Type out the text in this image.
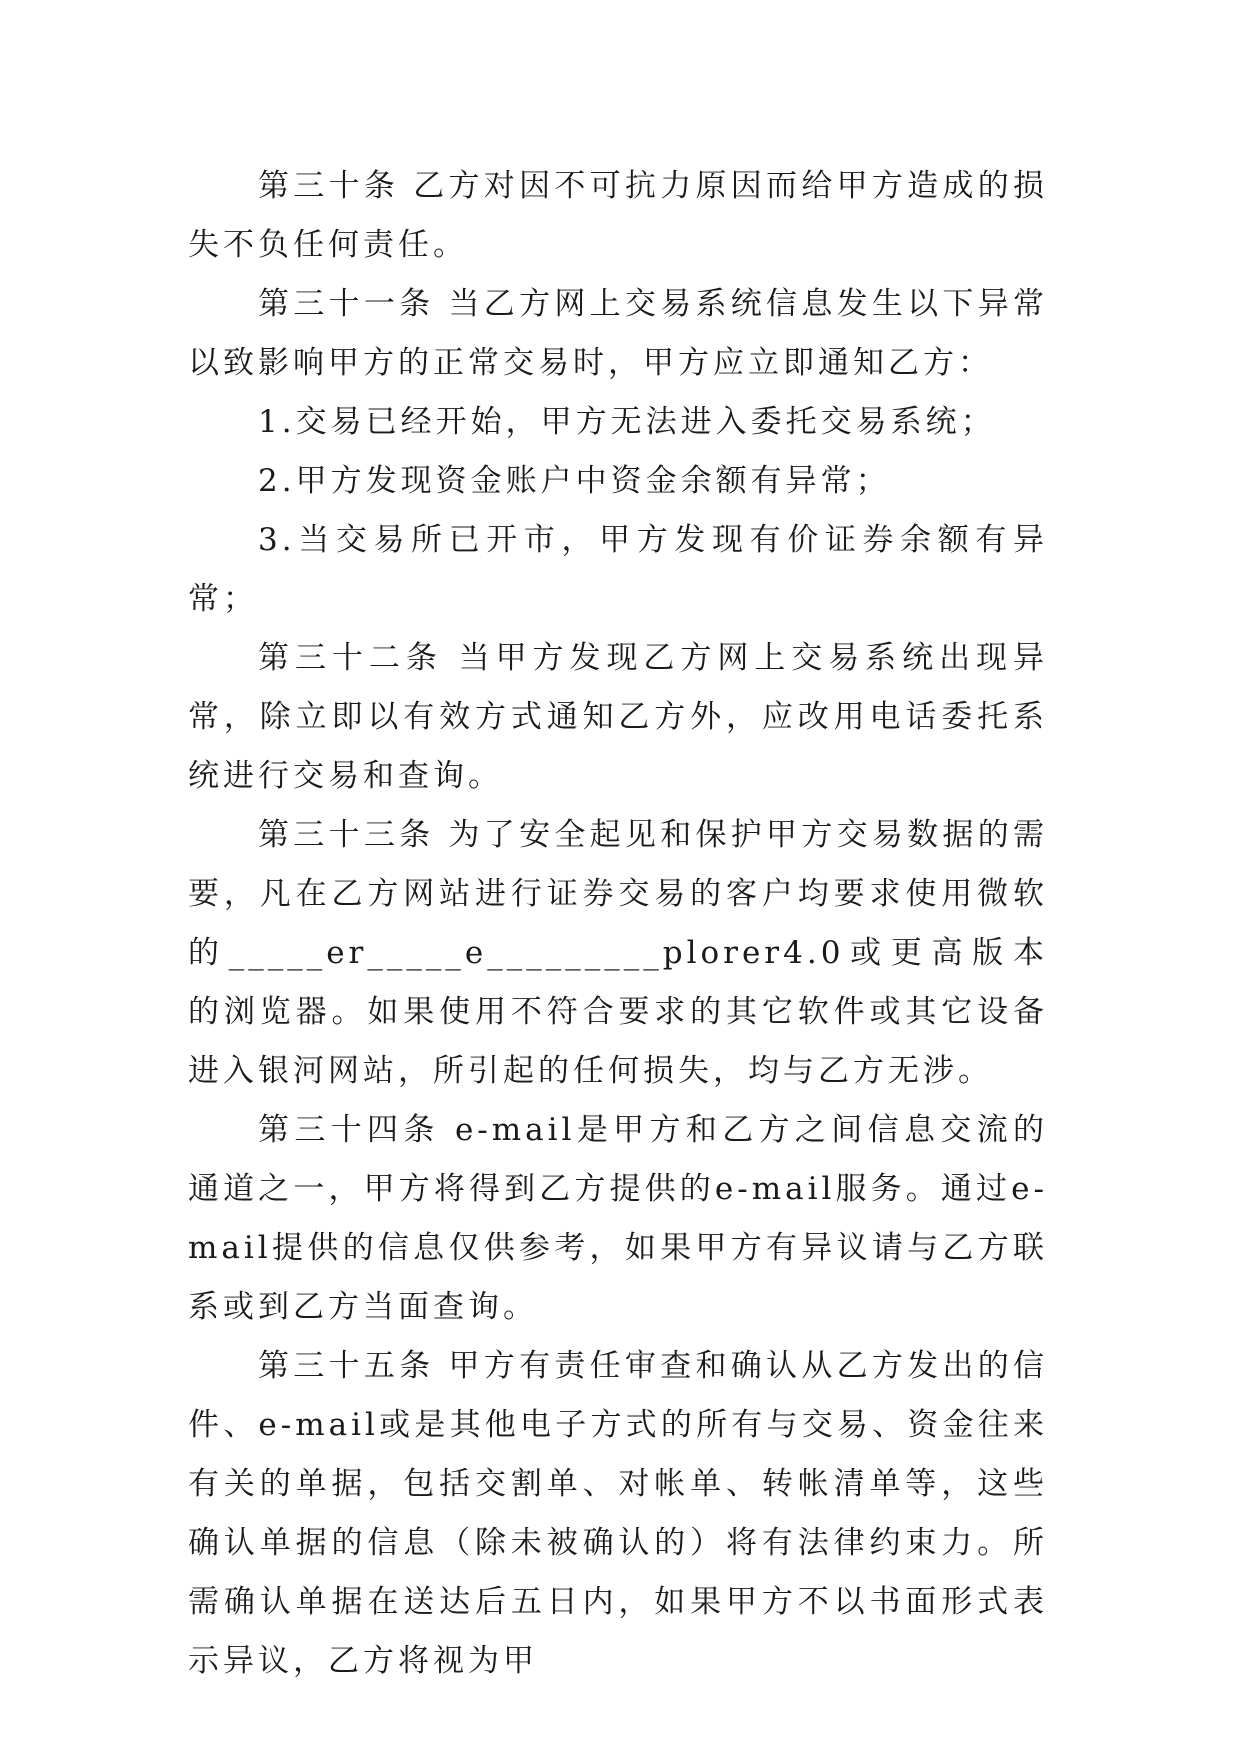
第三十条 乙方对因不可抗力原因而给甲方造成的损失不负任何责任。

第三十一条 当乙方网上交易系统信息发生以下异常以致影响甲方的正常交易时，甲方应立即通知乙方：

1.交易已经开始，甲方无法进入委托交易系统；

2.甲方发现资金账户中资金余额有异常；

3.当交易所已开市，甲方发现有价证券余额有异常；

第三十二条 当甲方发现乙方网上交易系统出现异常，除立即以有效方式通知乙方外，应改用电话委托系统进行交易和查询。

第三十三条 为了安全起见和保护甲方交易数据的需要，凡在乙方网站进行证券交易的客户均要求使用微软的_____er_____e_________plorer4.0或更高版本的浏览器。如果使用不符合要求的其它软件或其它设备进入银河网站，所引起的任何损失，均与乙方无涉。

第三十四条 e-mail是甲方和乙方之间信息交流的通道之一，甲方将得到乙方提供的e-mail服务。通过e-mail提供的信息仅供参考，如果甲方有异议请与乙方联系或到乙方当面查询。

第三十五条 甲方有责任审查和确认从乙方发出的信件、e-mail或是其他电子方式的所有与交易、资金往来有关的单据，包括交割单、对帐单、转帐清单等，这些确认单据的信息（除未被确认的）将有法律约束力。所需确认单据在送达后五日内，如果甲方不以书面形式表示异议，乙方将视为甲
